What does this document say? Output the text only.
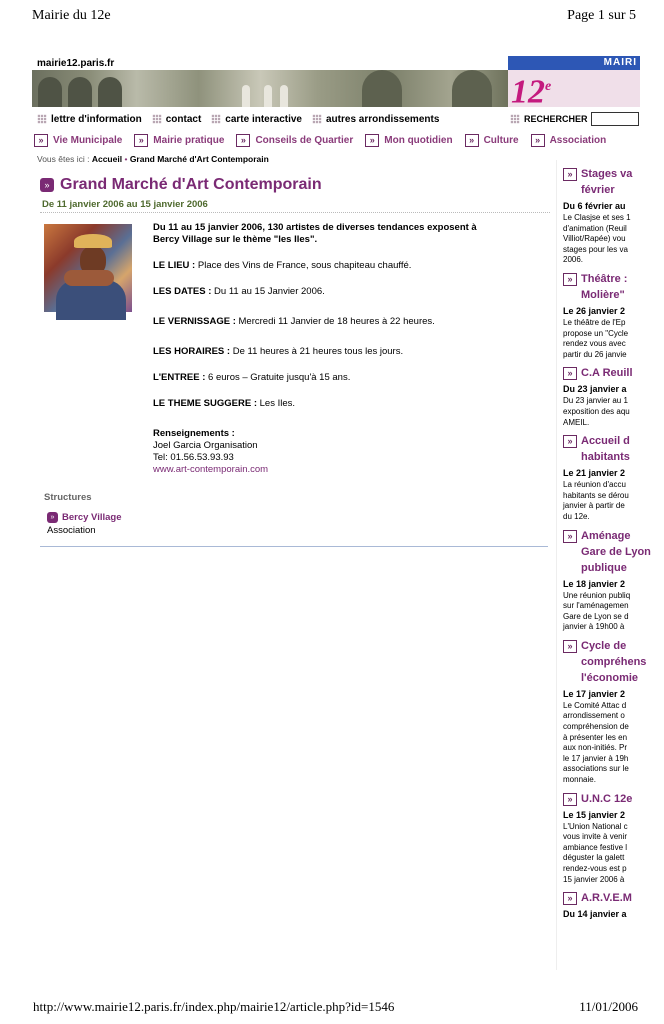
Mairie du 12e	Page 1 sur 5
mairie12.paris.fr	MAIRI
12e
lettre d'information contact carte interactive autres arrondissements	RECHERCHER
» Vie Municipale	» Mairie pratique	» Conseils de Quartier	» Mon quotidien	» Culture	» Association
Vous êtes ici : Accueil • Grand Marché d'Art Contemporain
» Grand Marché d'Art Contemporain
De 11 janvier 2006 au 15 janvier 2006

Du 11 au 15 janvier 2006, 130 artistes de diverses tendances exposent à
Bercy Village sur le thème "les Iles".

LE LIEU : Place des Vins de France, sous chapiteau chauffé.

LES DATES : Du 11 au 15 Janvier 2006.

LE VERNISSAGE : Mercredi 11 Janvier de 18 heures à 22 heures.

LES HORAIRES : De 11 heures à 21 heures tous les jours.

L'ENTREE : 6 euros – Gratuite jusqu'à 15 ans.

LE THEME SUGGERE : Les Iles.

Renseignements :

Joel Garcia Organisation

Tel: 01.56.53.93.93

www.art-contemporain.com

Structures
» Bercy Village
Association
» Stages va
février
Du 6 février au
Le Clasjse et ses 1
d'animation (Reuil
Villiot/Rapée) vou
stages pour les va
2006.
» Théâtre :
Molière"
Le 26 janvier 2
Le théâtre de l'Ep
propose un "Cycle
rendez vous avec
partir du 26 janvie
» C.A Reuill
Du 23 janvier a
Du 23 janvier au 1
exposition des aqu
AMEIL.
» Accueil d
habitants
Le 21 janvier 2
La réunion d'accu
habitants se dérou
janvier à partir de
du 12e.
» Aménage
Gare de Lyon
publique
Le 18 janvier 2
Une réunion publiq
sur l'aménagemen
Gare de Lyon se d
janvier à 19h00 à
» Cycle de
compréhens
l'économie
Le 17 janvier 2
Le Comité Attac d
arrondissement o
compréhension de
à présenter les en
aux non-initiés. Pr
le 17 janvier à 19h
associations sur le
monnaie.
» U.N.C 12e
Le 15 janvier 2
L'Union National c
vous invite à venir
ambiance festive l
déguster la galett
rendez-vous est p
15 janvier 2006 à
» A.R.V.E.M
Du 14 janvier a
http://www.mairie12.paris.fr/index.php/mairie12/article.php?id=1546	11/01/2006
